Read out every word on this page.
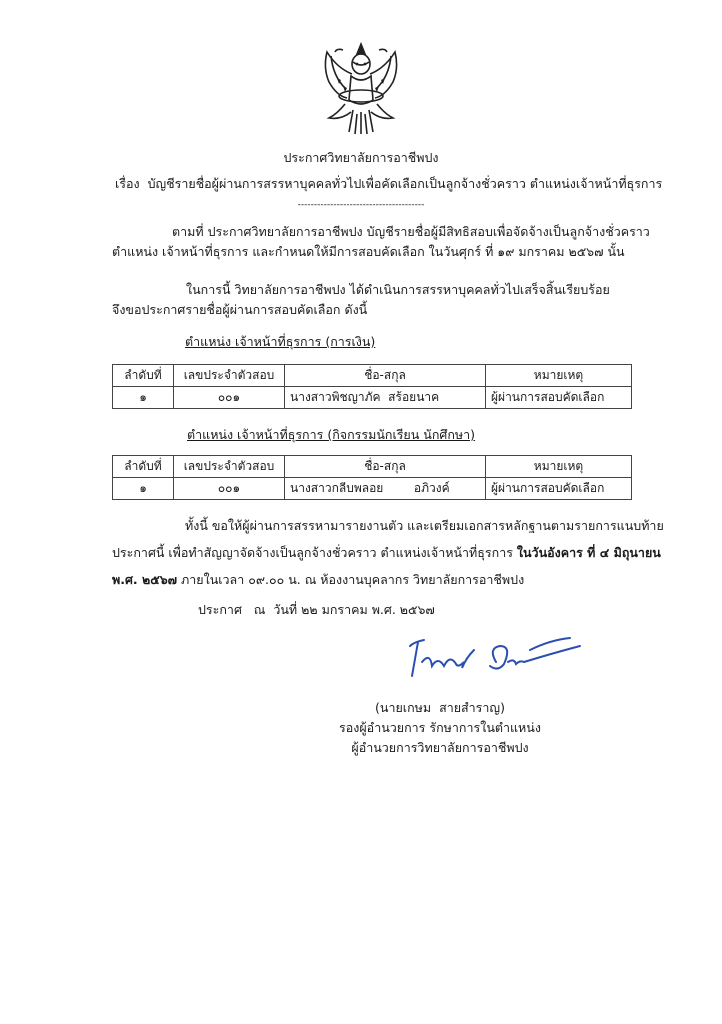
ประกาศวิทยาลัยการอาชีพปง
เรื่อง บัญชีรายชื่อผู้ผ่านการสรรหาบุคคลทั่วไปเพื่อคัดเลือกเป็นลูกจ้างชั่วคราว ตำแหน่งเจ้าหน้าที่ธุรการ
---------------------------------------
ตามที่ ประกาศวิทยาลัยการอาชีพปง บัญชีรายชื่อผู้มีสิทธิสอบเพื่อจัดจ้างเป็นลูกจ้างชั่วคราว
ตำแหน่ง เจ้าหน้าที่ธุรการ และกำหนดให้มีการสอบคัดเลือก ในวันศุกร์ ที่ ๑๙ มกราคม ๒๕๖๗ นั้น
ในการนี้ วิทยาลัยการอาชีพปง ได้ดำเนินการสรรหาบุคคลทั่วไปเสร็จสิ้นเรียบร้อย
จึงขอประกาศรายชื่อผู้ผ่านการสอบคัดเลือก ดังนี้
ตำแหน่ง เจ้าหน้าที่ธุรการ (การเงิน)
ลำดับที่	เลขประจำตัวสอบ	ชื่อ-สกุล	หมายเหตุ
๑	๐๐๑	นางสาวพิชญาภัค  สร้อยนาค	ผู้ผ่านการสอบคัดเลือก
ตำแหน่ง เจ้าหน้าที่ธุรการ (กิจกรรมนักเรียน นักศึกษา)
ลำดับที่	เลขประจำตัวสอบ	ชื่อ-สกุล	หมายเหตุ
๑	๐๐๑	นางสาวกลีบพลอย        อภิวงค์	ผู้ผ่านการสอบคัดเลือก
ทั้งนี้ ขอให้ผู้ผ่านการสรรหามารายงานตัว และเตรียมเอกสารหลักฐานตามรายการแนบท้าย
ประกาศนี้ เพื่อทำสัญญาจัดจ้างเป็นลูกจ้างชั่วคราว ตำแหน่งเจ้าหน้าที่ธุรการ ในวันอังคาร ที่ ๔ มิถุนายน
พ.ศ. ๒๕๖๗ ภายในเวลา ๐๙.๐๐ น. ณ ห้องงานบุคลากร วิทยาลัยการอาชีพปง
ประกาศ   ณ  วันที่ ๒๒ มกราคม พ.ศ. ๒๕๖๗
(นายเกษม  สายสำราญ)
รองผู้อำนวยการ รักษาการในตำแหน่ง
ผู้อำนวยการวิทยาลัยการอาชีพปง
